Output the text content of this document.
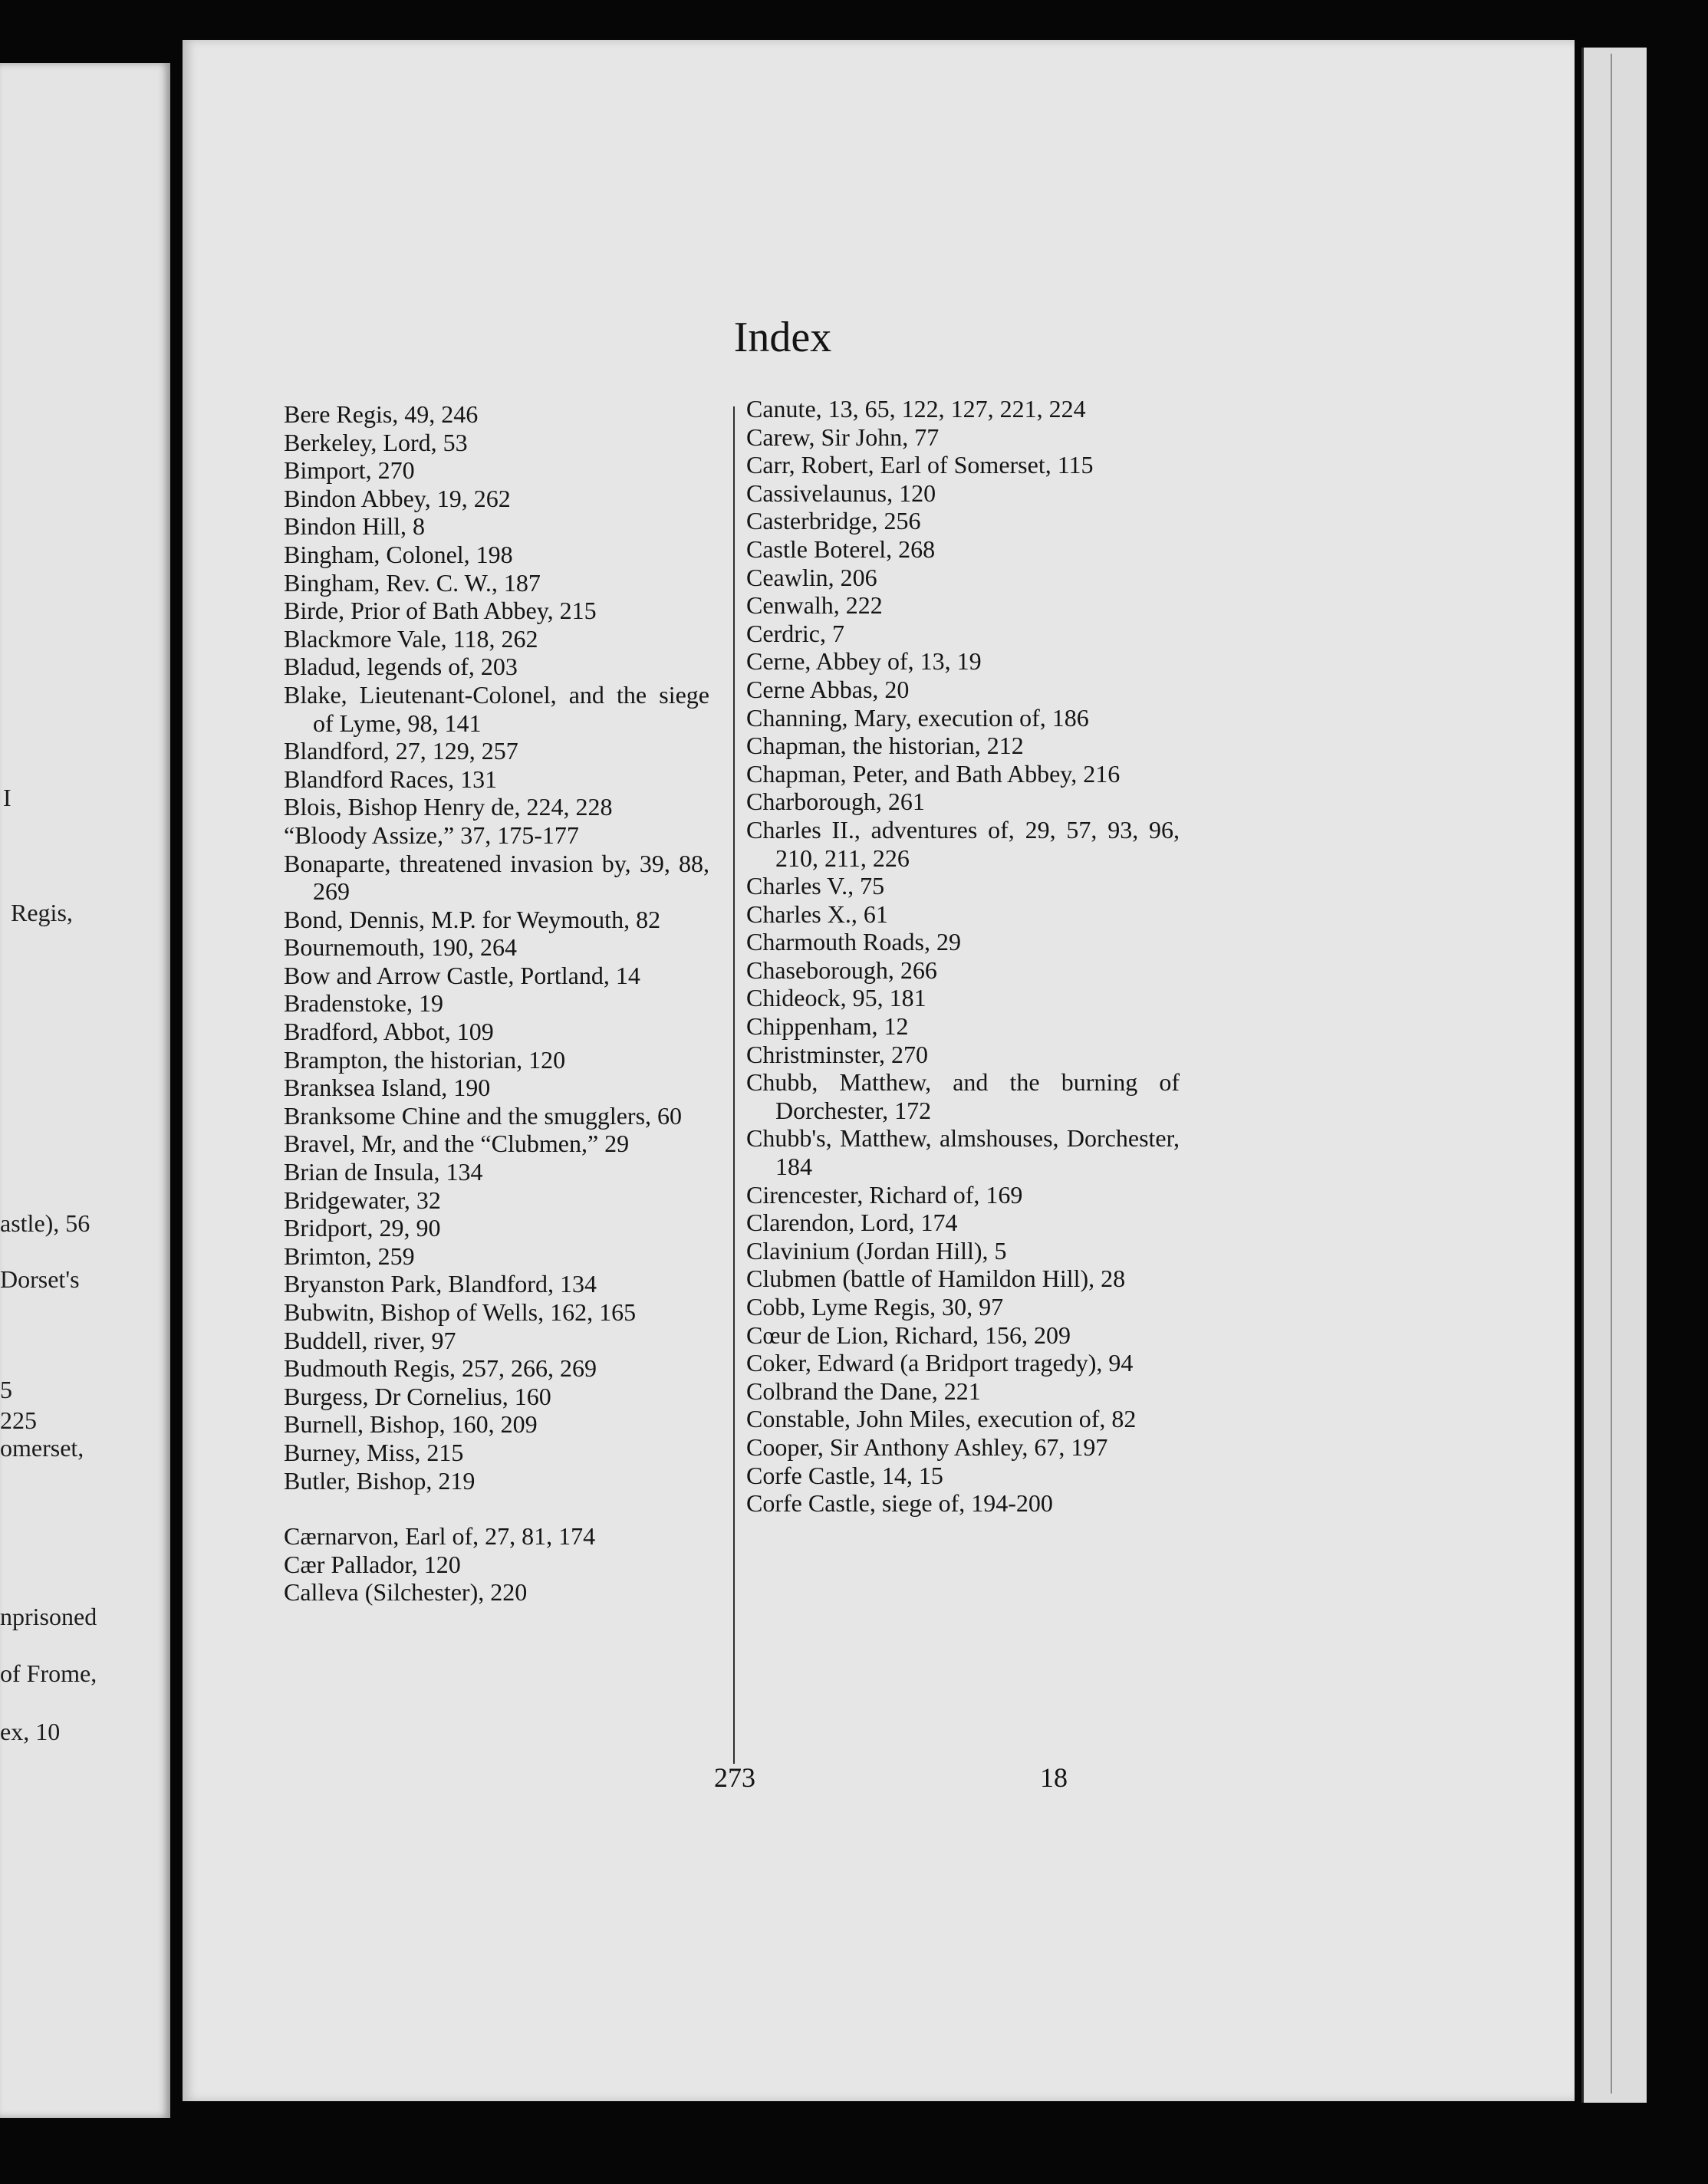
I
Regis,
astle), 56
Dorset's
5
225
omerset,
nprisoned
of Frome,
ex, 10
Index
Bere Regis, 49, 246
Berkeley, Lord, 53
Bimport, 270
Bindon Abbey, 19, 262
Bindon Hill, 8
Bingham, Colonel, 198
Bingham, Rev. C. W., 187
Birde, Prior of Bath Abbey, 215
Blackmore Vale, 118, 262
Bladud, legends of, 203
Blake, Lieutenant-Colonel, and the siege of Lyme, 98, 141
Blandford, 27, 129, 257
Blandford Races, 131
Blois, Bishop Henry de, 224, 228
“Bloody Assize,” 37, 175-177
Bonaparte, threatened invasion by, 39, 88, 269
Bond, Dennis, M.P. for Weymouth, 82
Bournemouth, 190, 264
Bow and Arrow Castle, Portland, 14
Bradenstoke, 19
Bradford, Abbot, 109
Brampton, the historian, 120
Branksea Island, 190
Branksome Chine and the smugglers, 60
Bravel, Mr, and the “Clubmen,” 29
Brian de Insula, 134
Bridgewater, 32
Bridport, 29, 90
Brimton, 259
Bryanston Park, Blandford, 134
Bubwitn, Bishop of Wells, 162, 165
Buddell, river, 97
Budmouth Regis, 257, 266, 269
Burgess, Dr Cornelius, 160
Burnell, Bishop, 160, 209
Burney, Miss, 215
Butler, Bishop, 219
Cærnarvon, Earl of, 27, 81, 174
Cær Pallador, 120
Calleva (Silchester), 220
Canute, 13, 65, 122, 127, 221, 224
Carew, Sir John, 77
Carr, Robert, Earl of Somerset, 115
Cassivelaunus, 120
Casterbridge, 256
Castle Boterel, 268
Ceawlin, 206
Cenwalh, 222
Cerdric, 7
Cerne, Abbey of, 13, 19
Cerne Abbas, 20
Channing, Mary, execution of, 186
Chapman, the historian, 212
Chapman, Peter, and Bath Abbey, 216
Charborough, 261
Charles II., adventures of, 29, 57, 93, 96, 210, 211, 226
Charles V., 75
Charles X., 61
Charmouth Roads, 29
Chaseborough, 266
Chideock, 95, 181
Chippenham, 12
Christminster, 270
Chubb, Matthew, and the burning of Dorchester, 172
Chubb's, Matthew, almshouses, Dorchester, 184
Cirencester, Richard of, 169
Clarendon, Lord, 174
Clavinium (Jordan Hill), 5
Clubmen (battle of Hamildon Hill), 28
Cobb, Lyme Regis, 30, 97
Cœur de Lion, Richard, 156, 209
Coker, Edward (a Bridport tragedy), 94
Colbrand the Dane, 221
Constable, John Miles, execution of, 82
Cooper, Sir Anthony Ashley, 67, 197
Corfe Castle, 14, 15
Corfe Castle, siege of, 194-200
273	18
